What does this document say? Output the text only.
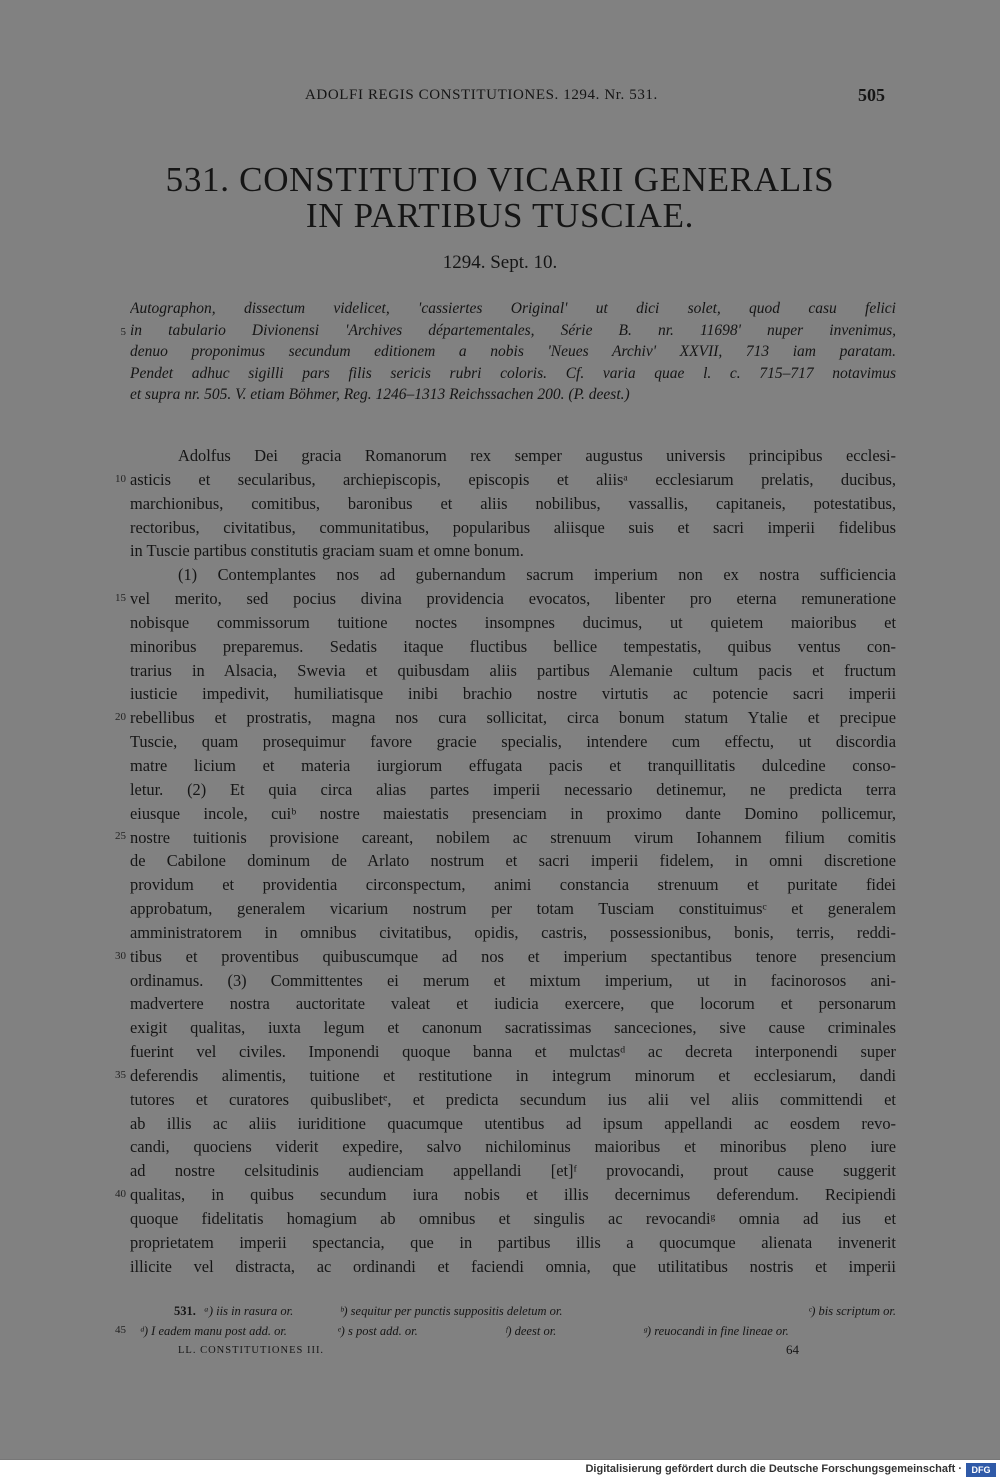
ADOLFI REGIS CONSTITUTIONES. 1294. Nr. 531.	505
531. CONSTITUTIO VICARII GENERALIS
IN PARTIBUS TUSCIAE.
1294. Sept. 10.
5
Autographon, dissectum videlicet, 'cassiertes Original' ut dici solet, quod casu felici
in tabulario Divionensi 'Archives départementales, Série B. nr. 11698' nuper invenimus,
denuo proponimus secundum editionem a nobis 'Neues Archiv' XXVII, 713 iam paratam.
Pendet adhuc sigilli pars filis sericis rubri coloris. Cf. varia quae l. c. 715–717 notavimus
et supra nr. 505. V. etiam Böhmer, Reg. 1246–1313 Reichssachen 200. (P. deest.)
10
15
20
25
30
35
40
Adolfus Dei gracia Romanorum rex semper augustus universis principibus ecclesi-
asticis et secularibus, archiepiscopis, episcopis et aliisᵃ ecclesiarum prelatis, ducibus,
marchionibus, comitibus, baronibus et aliis nobilibus, vassallis, capitaneis, potestatibus,
rectoribus, civitatibus, communitatibus, popularibus aliisque suis et sacri imperii fidelibus
in Tuscie partibus constitutis graciam suam et omne bonum.
(1) Contemplantes nos ad gubernandum sacrum imperium non ex nostra sufficiencia
vel merito, sed pocius divina providencia evocatos, libenter pro eterna remuneratione
nobisque commissorum tuitione noctes insompnes ducimus, ut quietem maioribus et
minoribus preparemus. Sedatis itaque fluctibus bellice tempestatis, quibus ventus con-
trarius in Alsacia, Swevia et quibusdam aliis partibus Alemanie cultum pacis et fructum
iusticie impedivit, humiliatisque inibi brachio nostre virtutis ac potencie sacri imperii
rebellibus et prostratis, magna nos cura sollicitat, circa bonum statum Ytalie et precipue
Tuscie, quam prosequimur favore gracie specialis, intendere cum effectu, ut discordia
matre licium et materia iurgiorum effugata pacis et tranquillitatis dulcedine conso-
letur. (2) Et quia circa alias partes imperii necessario detinemur, ne predicta terra
eiusque incole, cuiᵇ nostre maiestatis presenciam in proximo dante Domino pollicemur,
nostre tuitionis provisione careant, nobilem ac strenuum virum Iohannem filium comitis
de Cabilone dominum de Arlato nostrum et sacri imperii fidelem, in omni discretione
providum et providentia circonspectum, animi constancia strenuum et puritate fidei
approbatum, generalem vicarium nostrum per totam Tusciam constituimusᶜ et generalem
amministratorem in omnibus civitatibus, opidis, castris, possessionibus, bonis, terris, reddi-
tibus et proventibus quibuscumque ad nos et imperium spectantibus tenore presencium
ordinamus. (3) Committentes ei merum et mixtum imperium, ut in facinorosos ani-
madvertere nostra auctoritate valeat et iudicia exercere, que locorum et personarum
exigit qualitas, iuxta legum et canonum sacratissimas sanceciones, sive cause criminales
fuerint vel civiles. Imponendi quoque banna et mulctasᵈ ac decreta interponendi super
deferendis alimentis, tuitione et restitutione in integrum minorum et ecclesiarum, dandi
tutores et curatores quibuslibetᵉ, et predicta secundum ius alii vel aliis committendi et
ab illis ac aliis iuriditione quacumque utentibus ad ipsum appellandi ac eosdem revo-
candi, quociens viderit expedire, salvo nichilominus maioribus et minoribus pleno iure
ad nostre celsitudinis audienciam appellandi [et]ᶠ provocandi, prout cause suggerit
qualitas, in quibus secundum iura nobis et illis decernimus deferendum. Recipiendi
quoque fidelitatis homagium ab omnibus et singulis ac revocandiᵍ omnia ad ius et
proprietatem imperii spectancia, que in partibus illis a quocumque alienata invenerit
illicite vel distracta, ac ordinandi et faciendi omnia, que utilitatibus nostris et imperii
45
531. ᵃ) iis in rasura or.	ᵇ) sequitur per punctis suppositis deletum or.	ᶜ) bis scriptum or.
ᵈ) I eadem manu post add. or.	ᵉ) s post add. or.	ᶠ) deest or.	ᵍ) reuocandi in fine lineae or.
LL. CONSTITUTIONES III.	64
Digitalisierung gefördert durch die Deutsche Forschungsgemeinschaft ·	DFG
